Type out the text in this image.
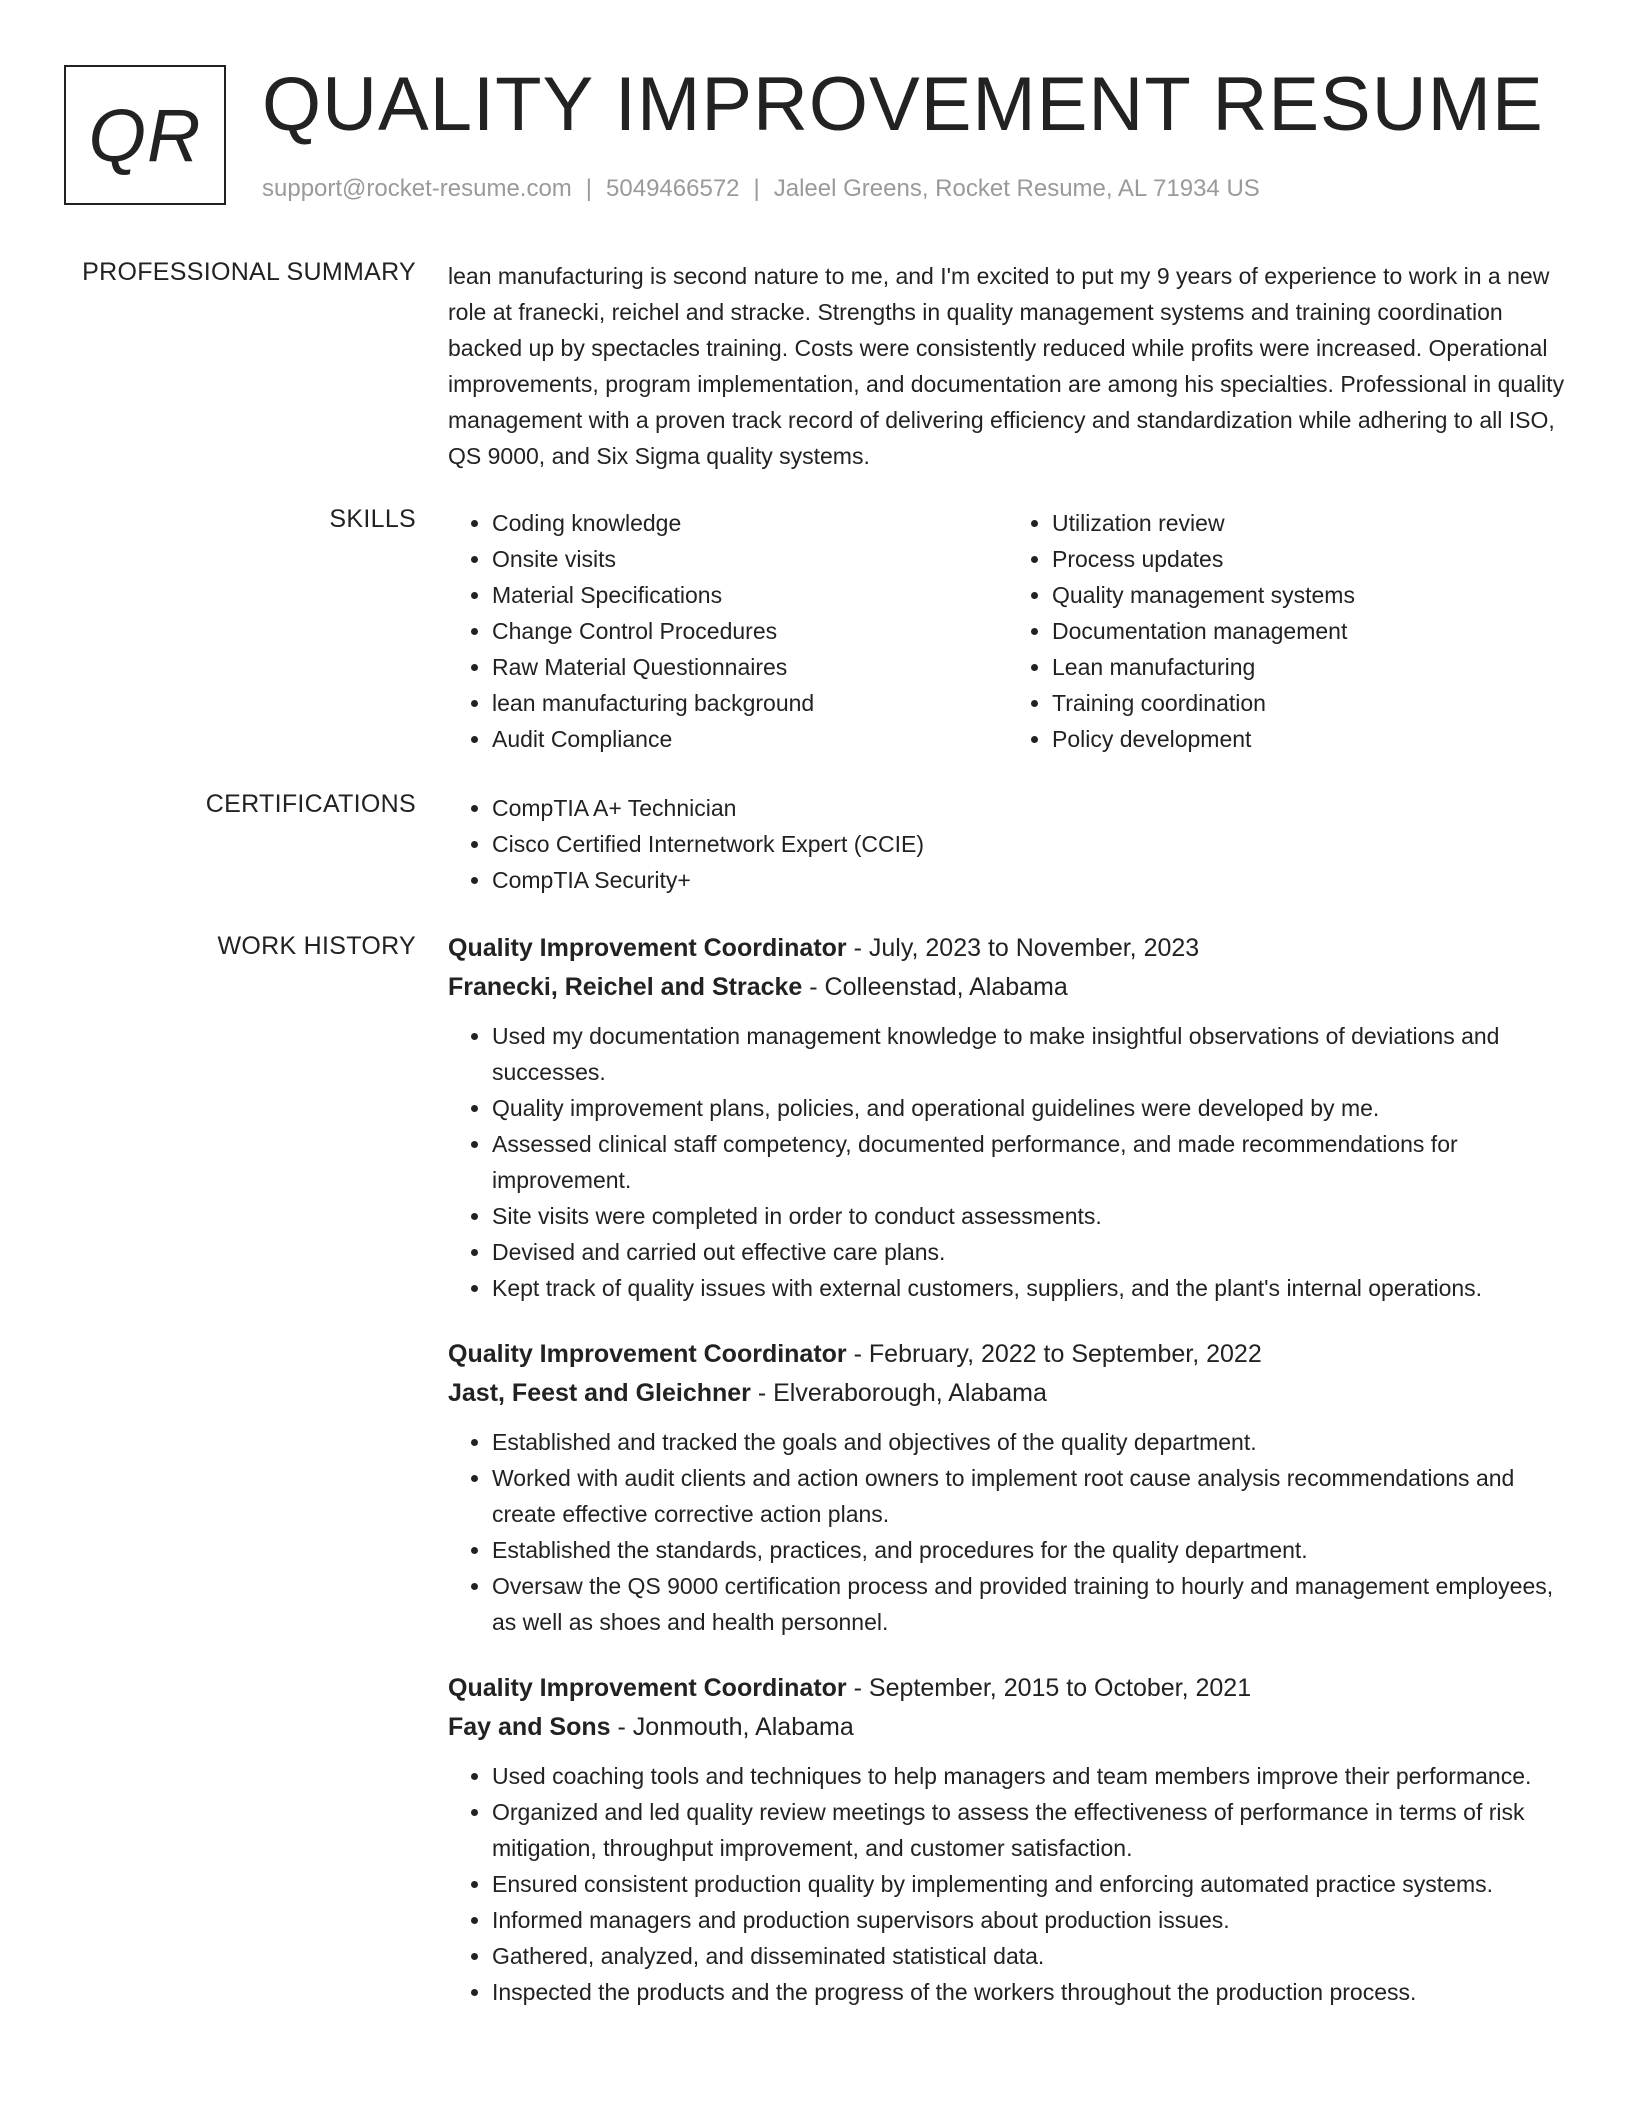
QR QUALITY IMPROVEMENT RESUME
support@rocket-resume.com | 5049466572 | Jaleel Greens, Rocket Resume, AL 71934 US
PROFESSIONAL SUMMARY lean manufacturing is second nature to me, and I'm excited to put my 9 years of experience to work in a new role at franecki, reichel and stracke. Strengths in quality management systems and training coordination backed up by spectacles training. Costs were consistently reduced while profits were increased. Operational improvements, program implementation, and documentation are among his specialties. Professional in quality management with a proven track record of delivering efficiency and standardization while adhering to all ISO, QS 9000, and Six Sigma quality systems.

SKILLS	• Coding knowledge
• Onsite visits
• Material Specifications
• Change Control Procedures
• Raw Material Questionnaires
• lean manufacturing background
• Audit Compliance
• Utilization review
• Process updates
• Quality management systems
• Documentation management
• Lean manufacturing
• Training coordination
• Policy development
CERTIFICATIONS	• CompTIA A+ Technician
• Cisco Certified Internetwork Expert (CCIE)
• CompTIA Security+
WORK HISTORY Quality Improvement Coordinator - July, 2023 to November, 2023
Franecki, Reichel and Stracke - Colleenstad, Alabama
• Used my documentation management knowledge to make insightful observations of deviations and successes.
• Quality improvement plans, policies, and operational guidelines were developed by me.
• Assessed clinical staff competency, documented performance, and made recommendations for improvement.
• Site visits were completed in order to conduct assessments.
• Devised and carried out effective care plans.
• Kept track of quality issues with external customers, suppliers, and the plant's internal operations.
Quality Improvement Coordinator - February, 2022 to September, 2022
Jast, Feest and Gleichner - Elveraborough, Alabama
• Established and tracked the goals and objectives of the quality department.
• Worked with audit clients and action owners to implement root cause analysis recommendations and create effective corrective action plans.
• Established the standards, practices, and procedures for the quality department.
• Oversaw the QS 9000 certification process and provided training to hourly and management employees, as well as shoes and health personnel.
Quality Improvement Coordinator - September, 2015 to October, 2021
Fay and Sons - Jonmouth, Alabama
• Used coaching tools and techniques to help managers and team members improve their performance.
• Organized and led quality review meetings to assess the effectiveness of performance in terms of risk mitigation, throughput improvement, and customer satisfaction.
• Ensured consistent production quality by implementing and enforcing automated practice systems.
• Informed managers and production supervisors about production issues.
• Gathered, analyzed, and disseminated statistical data.
• Inspected the products and the progress of the workers throughout the production process.
